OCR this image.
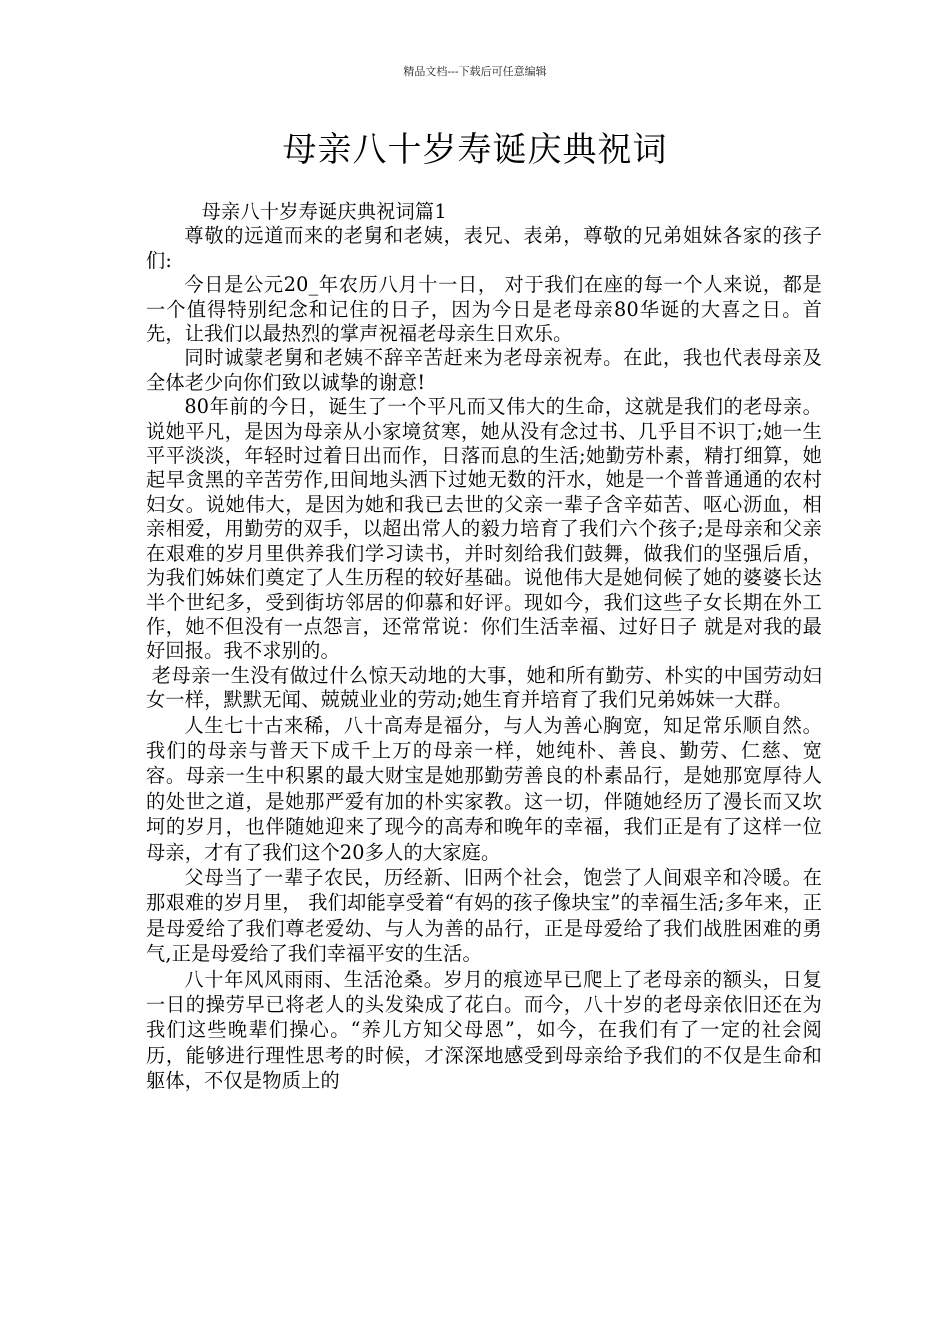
精品文档---下载后可任意编辑
母亲八十岁寿诞庆典祝词

母亲八十岁寿诞庆典祝词篇1

尊敬的远道而来的老舅和老姨，表兄、表弟，尊敬的兄弟姐妹各家的孩子们:

今日是公元20_年农历八月十一日， 对于我们在座的每一个人来说，都是一个值得特别纪念和记住的日子，因为今日是老母亲80华诞的大喜之日。首先，让我们以最热烈的掌声祝福老母亲生日欢乐。

同时诚蒙老舅和老姨不辞辛苦赶来为老母亲祝寿。在此，我也代表母亲及全体老少向你们致以诚挚的谢意!

80年前的今日，诞生了一个平凡而又伟大的生命，这就是我们的老母亲。说她平凡，是因为母亲从小家境贫寒，她从没有念过书、几乎目不识丁;她一生平平淡淡，年轻时过着日出而作，日落而息的生活;她勤劳朴素，精打细算，她起早贪黑的辛苦劳作,田间地头洒下过她无数的汗水，她是一个普普通通的农村妇女。说她伟大，是因为她和我已去世的父亲一辈子含辛茹苦、呕心沥血，相亲相爱，用勤劳的双手，以超出常人的毅力培育了我们六个孩子;是母亲和父亲在艰难的岁月里供养我们学习读书，并时刻给我们鼓舞，做我们的坚强后盾，为我们姊妹们奠定了人生历程的较好基础。说他伟大是她伺候了她的婆婆长达半个世纪多，受到街坊邻居的仰慕和好评。现如今，我们这些子女长期在外工作，她不但没有一点怨言，还常常说：你们生活幸福、过好日子 就是对我的最好回报。我不求别的。

老母亲一生没有做过什么惊天动地的大事，她和所有勤劳、朴实的中国劳动妇女一样，默默无闻、兢兢业业的劳动;她生育并培育了我们兄弟姊妹一大群。

人生七十古来稀，八十高寿是福分，与人为善心胸宽，知足常乐顺自然。我们的母亲与普天下成千上万的母亲一样，她纯朴、善良、勤劳、仁慈、宽容。母亲一生中积累的最大财宝是她那勤劳善良的朴素品行，是她那宽厚待人的处世之道，是她那严爱有加的朴实家教。这一切，伴随她经历了漫长而又坎坷的岁月，也伴随她迎来了现今的高寿和晚年的幸福，我们正是有了这样一位母亲，才有了我们这个20多人的大家庭。

父母当了一辈子农民，历经新、旧两个社会，饱尝了人间艰辛和冷暖。在那艰难的岁月里， 我们却能享受着“有妈的孩子像块宝”的幸福生活;多年来，正是母爱给了我们尊老爱幼、与人为善的品行，正是母爱给了我们战胜困难的勇气,正是母爱给了我们幸福平安的生活。

八十年风风雨雨、生活沧桑。岁月的痕迹早已爬上了老母亲的额头，日复一日的操劳早已将老人的头发染成了花白。而今，八十岁的老母亲依旧还在为我们这些晚辈们操心。“养儿方知父母恩”，如今，在我们有了一定的社会阅历，能够进行理性思考的时候，才深深地感受到母亲给予我们的不仅是生命和躯体，不仅是物质上的
